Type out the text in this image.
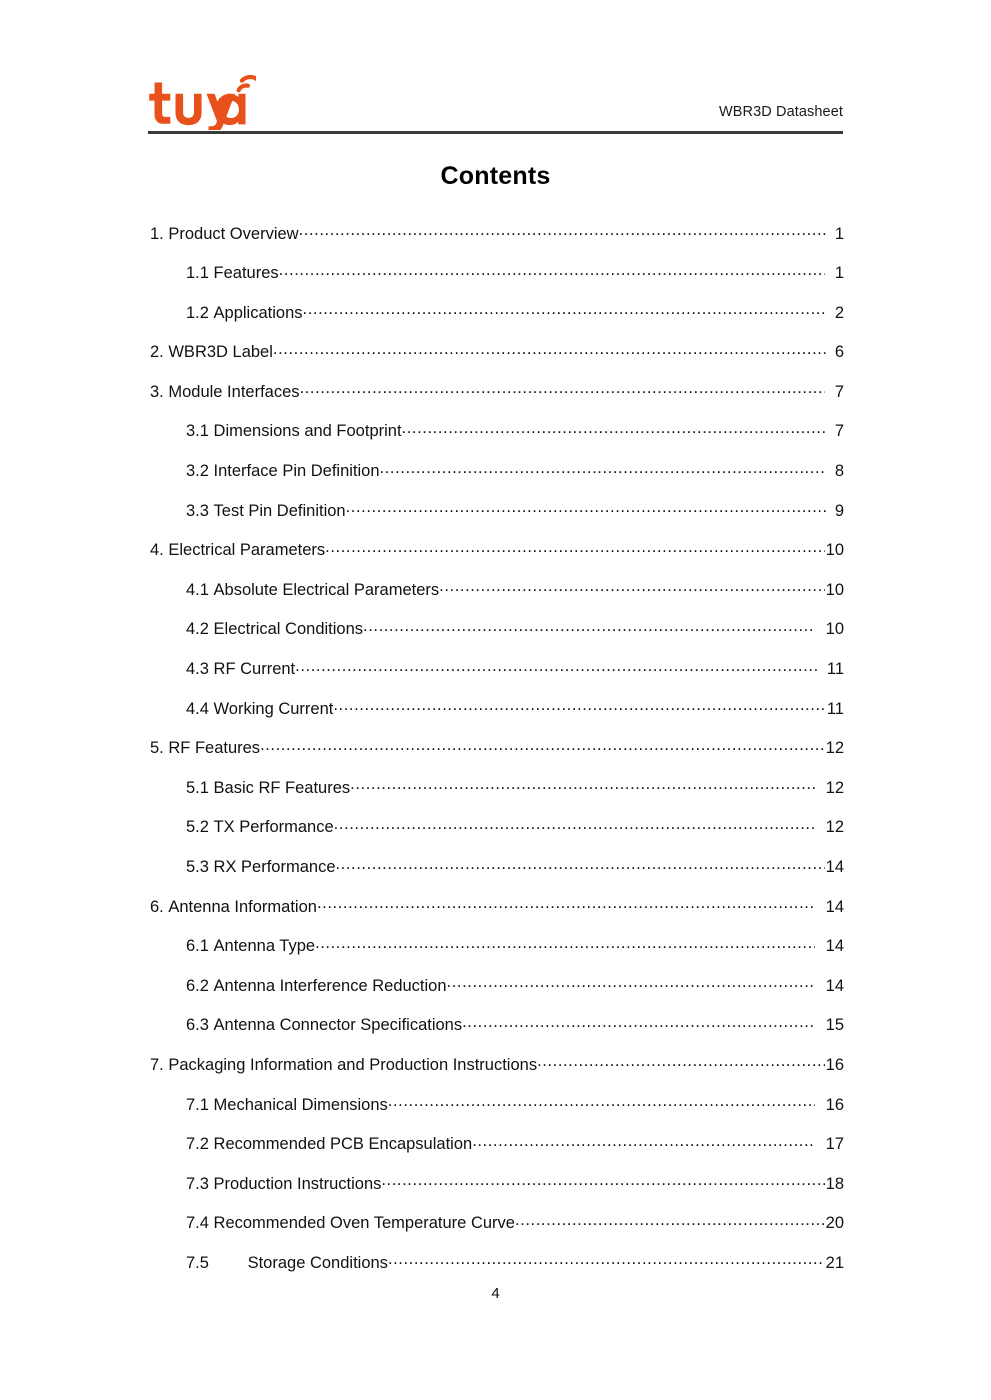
WBR3D Datasheet
Contents
1.
Product Overview .....	1
1.1
Features .....	1
1.2
Applications .....	2
2.
WBR3D Label .....	6
3.
Module Interfaces .....	7
3.1
Dimensions and Footprint .....	7
3.2
Interface Pin Definition .....	8
3.3
Test Pin Definition .....	9
4.
Electrical Parameters .....	10
4.1
Absolute Electrical Parameters .....	10
4.2
Electrical Conditions .....	10
4.3
RF Current .....	11
4.4
Working Current .....	11
5.
RF Features .....	12
5.1
Basic RF Features .....	12
5.2
TX Performance .....	12
5.3
RX Performance .....	14
6.
Antenna Information .....	14
6.1
Antenna Type .....	14
6.2
Antenna Interference Reduction .....	14
6.3
Antenna Connector Specifications .....	15
7.
Packaging Information and Production Instructions .....	16
7.1
Mechanical Dimensions .....	16
7.2
Recommended PCB Encapsulation .....	17
7.3
Production Instructions .....	18
7.4
Recommended Oven Temperature Curve .....	20
7.5
	Storage Conditions .....	21
4
